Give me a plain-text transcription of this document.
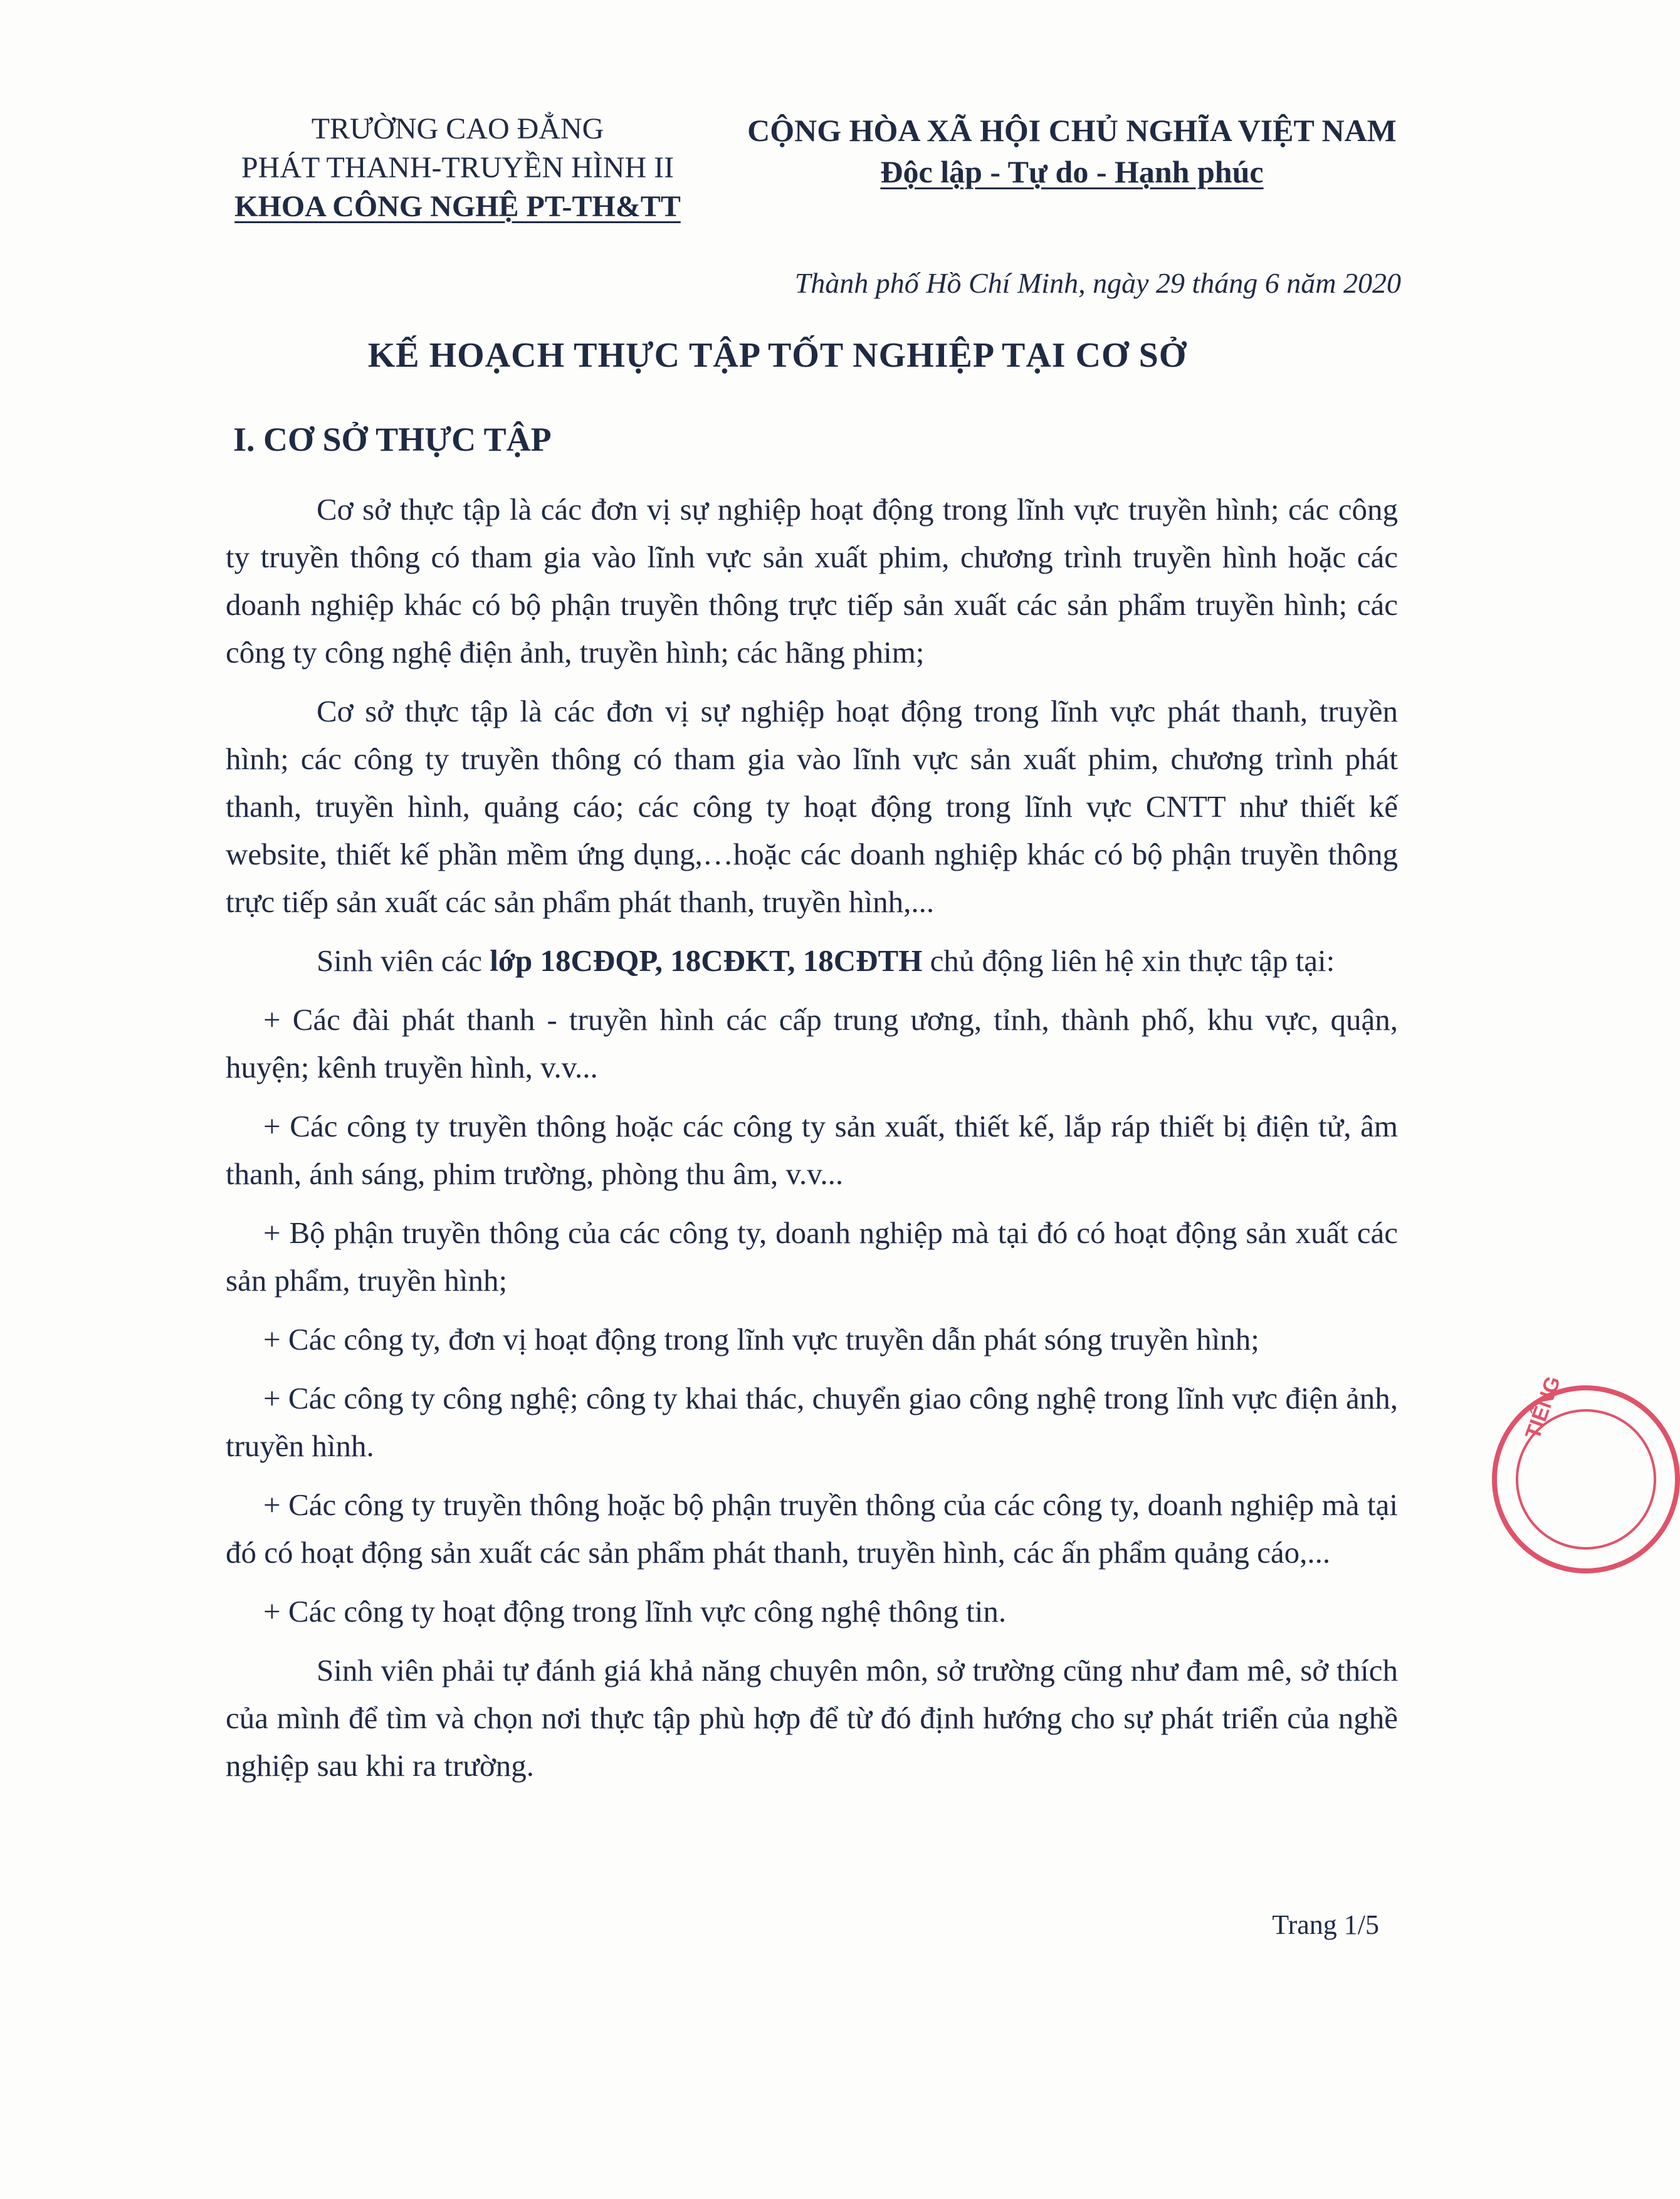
TRƯỜNG CAO ĐẲNG
PHÁT THANH-TRUYỀN HÌNH II
KHOA CÔNG NGHỆ PT-TH&TT
CỘNG HÒA XÃ HỘI CHỦ NGHĨA VIỆT NAM
Độc lập - Tự do - Hạnh phúc
Thành phố Hồ Chí Minh, ngày 29 tháng 6 năm 2020
KẾ HOẠCH THỰC TẬP TỐT NGHIỆP TẠI CƠ SỞ
I. CƠ SỞ THỰC TẬP

Cơ sở thực tập là các đơn vị sự nghiệp hoạt động trong lĩnh vực truyền hình; các công ty truyền thông có tham gia vào lĩnh vực sản xuất phim, chương trình truyền hình hoặc các doanh nghiệp khác có bộ phận truyền thông trực tiếp sản xuất các sản phẩm truyền hình; các công ty công nghệ điện ảnh, truyền hình; các hãng phim;

Cơ sở thực tập là các đơn vị sự nghiệp hoạt động trong lĩnh vực phát thanh, truyền hình; các công ty truyền thông có tham gia vào lĩnh vực sản xuất phim, chương trình phát thanh, truyền hình, quảng cáo; các công ty hoạt động trong lĩnh vực CNTT như thiết kế website, thiết kế phần mềm ứng dụng,…hoặc các doanh nghiệp khác có bộ phận truyền thông trực tiếp sản xuất các sản phẩm phát thanh, truyền hình,...

Sinh viên các lớp 18CĐQP, 18CĐKT, 18CĐTH chủ động liên hệ xin thực tập tại:

+ Các đài phát thanh - truyền hình các cấp trung ương, tỉnh, thành phố, khu vực, quận, huyện; kênh truyền hình, v.v...

+ Các công ty truyền thông hoặc các công ty sản xuất, thiết kế, lắp ráp thiết bị điện tử, âm thanh, ánh sáng, phim trường, phòng thu âm, v.v...

+ Bộ phận truyền thông của các công ty, doanh nghiệp mà tại đó có hoạt động sản xuất các sản phẩm, truyền hình;

+ Các công ty, đơn vị hoạt động trong lĩnh vực truyền dẫn phát sóng truyền hình;

+ Các công ty công nghệ; công ty khai thác, chuyển giao công nghệ trong lĩnh vực điện ảnh, truyền hình.

+ Các công ty truyền thông hoặc bộ phận truyền thông của các công ty, doanh nghiệp mà tại đó có hoạt động sản xuất các sản phẩm phát thanh, truyền hình, các ấn phẩm quảng cáo,...

+ Các công ty hoạt động trong lĩnh vực công nghệ thông tin.

Sinh viên phải tự đánh giá khả năng chuyên môn, sở trường cũng như đam mê, sở thích của mình để tìm và chọn nơi thực tập phù hợp để từ đó định hướng cho sự phát triển của nghề nghiệp sau khi ra trường.

Trang 1/5
TIẾNG
